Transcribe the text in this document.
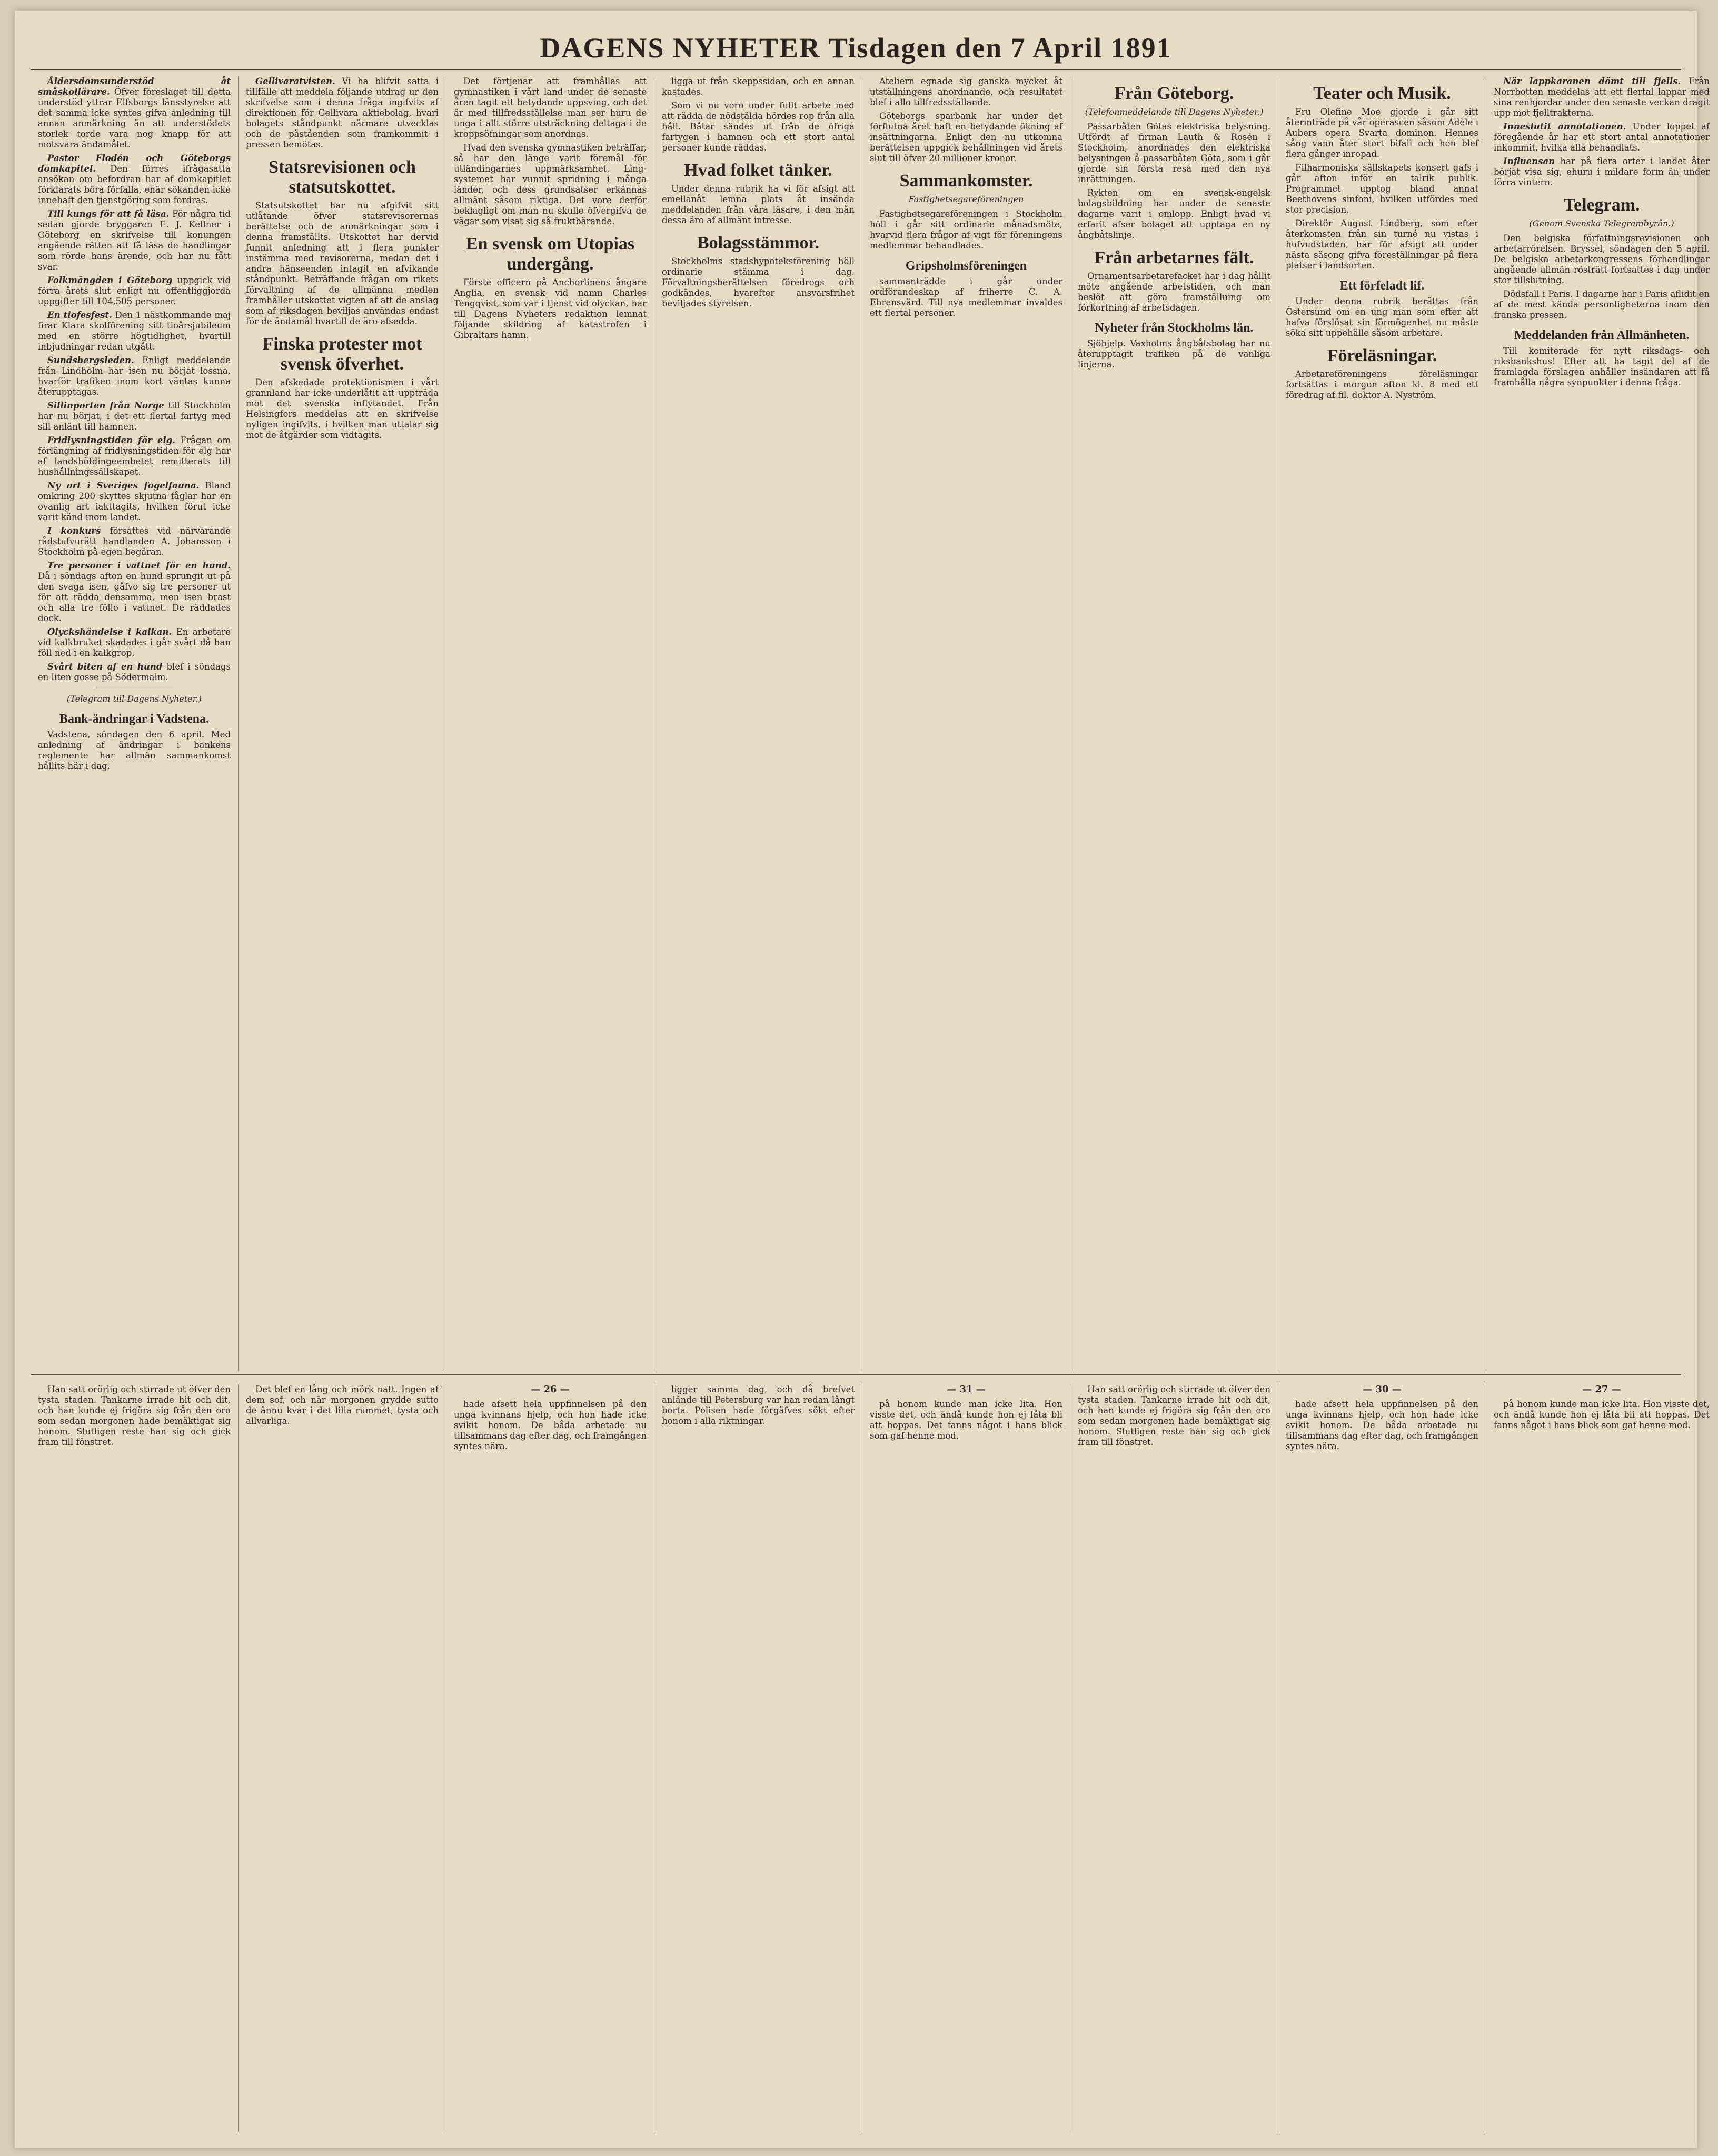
DAGENS NYHETER Tisdagen den 7 April 1891

Åldersdomsunderstöd åt småskollärare. Öfver föreslaget till detta understöd yttrar Elfsborgs länsstyrelse att det samma icke syntes gifva anledning till annan anmärkning än att understödets storlek torde vara nog knapp för att motsvara ändamålet.

Pastor Flodén och Göteborgs domkapitel. Den förres ifrågasatta ansökan om befordran har af domkapitlet förklarats böra förfalla, enär sökanden icke innehaft den tjenstgöring som fordras.

Till kungs för att få läsa. För några tid sedan gjorde bryggaren E. J. Kellner i Göteborg en skrifvelse till konungen angående rätten att få läsa de handlingar som rörde hans ärende, och har nu fått svar.

Folkmängden i Göteborg uppgick vid förra årets slut enligt nu offentliggjorda uppgifter till 104,505 personer.

En tiofesfest. Den 1 nästkommande maj firar Klara skolförening sitt tioårsjubileum med en större högtidlighet, hvartill inbjudningar redan utgått.

Sundsbergsleden. Enligt meddelande från Lindholm har isen nu börjat lossna, hvarför trafiken inom kort väntas kunna återupptagas.

Sillinporten från Norge till Stockholm har nu börjat, i det ett flertal fartyg med sill anlänt till hamnen.

Fridlysningstiden för elg. Frågan om förlängning af fridlysningstiden för elg har af landshöfdingeembetet remitterats till hushållningssällskapet.

Ny ort i Sveriges fogelfauna. Bland omkring 200 skyttes skjutna fåglar har en ovanlig art iakttagits, hvilken förut icke varit känd inom landet.

I konkurs försattes vid närvarande rådstufvurätt handlanden A. Johansson i Stockholm på egen begäran.

Tre personer i vattnet för en hund. Då i söndags afton en hund sprungit ut på den svaga isen, gåfvo sig tre personer ut för att rädda densamma, men isen brast och alla tre föllo i vattnet. De räddades dock.

Olyckshändelse i kalkan. En arbetare vid kalkbruket skadades i går svårt då han föll ned i en kalkgrop.

Svårt biten af en hund blef i söndags en liten gosse på Södermalm.

(Telegram till Dagens Nyheter.)
Bank-ändringar i Vadstena.

Vadstena, söndagen den 6 april. Med anledning af ändringar i bankens reglemente har allmän sammankomst hållits här i dag.

Gellivaratvisten. Vi ha blifvit satta i tillfälle att meddela följande utdrag ur den skrifvelse som i denna fråga ingifvits af direktionen för Gellivara aktiebolag, hvari bolagets ståndpunkt närmare utvecklas och de påståenden som framkommit i pressen bemötas.

Statsrevisionen och statsutskottet.

Statsutskottet har nu afgifvit sitt utlåtande öfver statsrevisorernas berättelse och de anmärkningar som i denna framställts. Utskottet har dervid funnit anledning att i flera punkter instämma med revisorerna, medan det i andra hänseenden intagit en afvikande ståndpunkt. Beträffande frågan om rikets förvaltning af de allmänna medlen framhåller utskottet vigten af att de anslag som af riksdagen beviljas användas endast för de ändamål hvartill de äro afsedda.

Finska protester mot svensk öfverhet.

Den afskedade protektionismen i vårt grannland har icke underlåtit att uppträda mot det svenska inflytandet. Från Helsingfors meddelas att en skrifvelse nyligen ingifvits, i hvilken man uttalar sig mot de åtgärder som vidtagits.

Det förtjenar att framhållas att gymnastiken i vårt land under de senaste åren tagit ett betydande uppsving, och det är med tillfredsställelse man ser huru de unga i allt större utsträckning deltaga i de kroppsöfningar som anordnas.

Hvad den svenska gymnastiken beträffar, så har den länge varit föremål för utländingarnes uppmärksamhet. Ling-systemet har vunnit spridning i många länder, och dess grundsatser erkännas allmänt såsom riktiga. Det vore derför beklagligt om man nu skulle öfvergifva de vägar som visat sig så fruktbärande.

En svensk om Utopias undergång.

Förste officern på Anchorlinens ångare Anglia, en svensk vid namn Charles Tengqvist, som var i tjenst vid olyckan, har till Dagens Nyheters redaktion lemnat följande skildring af katastrofen i Gibraltars hamn.

ligga ut från skeppssidan, och en annan kastades.

Som vi nu voro under fullt arbete med att rädda de nödstälda hördes rop från alla håll. Båtar sändes ut från de öfriga fartygen i hamnen och ett stort antal personer kunde räddas.

Hvad folket tänker.

Under denna rubrik ha vi för afsigt att emellanåt lemna plats åt insända meddelanden från våra läsare, i den mån dessa äro af allmänt intresse.

Bolagsstämmor.

Stockholms stadshypoteksförening höll ordinarie stämma i dag. Förvaltningsberättelsen föredrogs och godkändes, hvarefter ansvarsfrihet beviljades styrelsen.

Ateliern egnade sig ganska mycket åt utställningens anordnande, och resultatet blef i allo tillfredsställande.

Göteborgs sparbank har under det förflutna året haft en betydande ökning af insättningarna. Enligt den nu utkomna berättelsen uppgick behållningen vid årets slut till öfver 20 millioner kronor.

Sammankomster.
Fastighetsegareföreningen

Fastighetsegareföreningen i Stockholm höll i går sitt ordinarie månadsmöte, hvarvid flera frågor af vigt för föreningens medlemmar behandlades.

Gripsholmsföreningen

sammanträdde i går under ordförandeskap af friherre C. A. Ehrensvärd. Till nya medlemmar invaldes ett flertal personer.

Från Göteborg.
(Telefonmeddelande till Dagens Nyheter.)

Passarbåten Götas elektriska belysning. Utfördt af firman Lauth & Rosén i Stockholm, anordnades den elektriska belysningen å passarbåten Göta, som i går gjorde sin första resa med den nya inrättningen.

Rykten om en svensk-engelsk bolagsbildning har under de senaste dagarne varit i omlopp. Enligt hvad vi erfarit afser bolaget att upptaga en ny ångbåtslinje.

Från arbetarnes fält.

Ornamentsarbetarefacket har i dag hållit möte angående arbetstiden, och man beslöt att göra framställning om förkortning af arbetsdagen.

Nyheter från Stockholms län.

Sjöhjelp. Vaxholms ångbåtsbolag har nu återupptagit trafiken på de vanliga linjerna.

Teater och Musik.

Fru Olefine Moe gjorde i går sitt återinträde på vår operascen såsom Adèle i Aubers opera Svarta dominon. Hennes sång vann åter stort bifall och hon blef flera gånger inropad.

Filharmoniska sällskapets konsert gafs i går afton inför en talrik publik. Programmet upptog bland annat Beethovens sinfoni, hvilken utfördes med stor precision.

Direktör August Lindberg, som efter återkomsten från sin turné nu vistas i hufvudstaden, har för afsigt att under nästa säsong gifva föreställningar på flera platser i landsorten.

Ett förfeladt lif.

Under denna rubrik berättas från Östersund om en ung man som efter att hafva förslösat sin förmögenhet nu måste söka sitt uppehälle såsom arbetare.

Föreläsningar.

Arbetareföreningens föreläsningar fortsättas i morgon afton kl. 8 med ett föredrag af fil. doktor A. Nyström.

När lappkaranen dömt till fjells. Från Norrbotten meddelas att ett flertal lappar med sina renhjordar under den senaste veckan dragit upp mot fjelltrakterna.

Inneslutit annotationen. Under loppet af föregående år har ett stort antal annotationer inkommit, hvilka alla behandlats.

Influensan har på flera orter i landet åter börjat visa sig, ehuru i mildare form än under förra vintern.

Telegram.
(Genom Svenska Telegrambyrån.)

Den belgiska författningsrevisionen och arbetarrörelsen. Bryssel, söndagen den 5 april. De belgiska arbetarkongressens förhandlingar angående allmän rösträtt fortsattes i dag under stor tillslutning.

Dödsfall i Paris. I dagarne har i Paris aflidit en af de mest kända personligheterna inom den franska pressen.

Meddelanden från Allmänheten.

Till komiterade för nytt riksdags- och riksbankshus! Efter att ha tagit del af de framlagda förslagen anhåller insändaren att få framhålla några synpunkter i denna fråga.

Han satt orörlig och stirrade ut öfver den tysta staden. Tankarne irrade hit och dit, och han kunde ej frigöra sig från den oro som sedan morgonen hade bemäktigat sig honom. Slutligen reste han sig och gick fram till fönstret.

Det blef en lång och mörk natt. Ingen af dem sof, och när morgonen grydde sutto de ännu kvar i det lilla rummet, tysta och allvarliga.

— 26 —

hade afsett hela uppfinnelsen på den unga kvinnans hjelp, och hon hade icke svikit honom. De båda arbetade nu tillsammans dag efter dag, och framgången syntes nära.

ligger samma dag, och då brefvet anlände till Petersburg var han redan långt borta. Polisen hade förgäfves sökt efter honom i alla riktningar.

— 31 —

på honom kunde man icke lita. Hon visste det, och ändå kunde hon ej låta bli att hoppas. Det fanns något i hans blick som gaf henne mod.

Han satt orörlig och stirrade ut öfver den tysta staden. Tankarne irrade hit och dit, och han kunde ej frigöra sig från den oro som sedan morgonen hade bemäktigat sig honom. Slutligen reste han sig och gick fram till fönstret.

— 30 —

hade afsett hela uppfinnelsen på den unga kvinnans hjelp, och hon hade icke svikit honom. De båda arbetade nu tillsammans dag efter dag, och framgången syntes nära.

— 27 —

på honom kunde man icke lita. Hon visste det, och ändå kunde hon ej låta bli att hoppas. Det fanns något i hans blick som gaf henne mod.
